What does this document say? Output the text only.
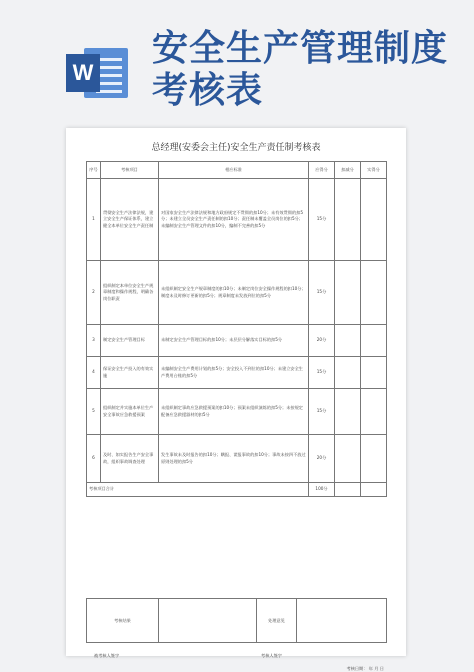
W
安全生产管理制度考核表
总经理(安委会主任)安全生产责任制考核表
序号	考核项目	相应标准	应得分	扣减分	实得分
1	贯彻安全生产法律法规，建立安全生产保证体系，建立健全本单位安全生产责任制	对国家安全生产法律法规和地方政府规定不贯彻的扣10分；未有效贯彻的扣5分；未建立全员安全生产责任制的扣10分；责任制未覆盖全员岗位的扣5分；未编制安全生产管理文件的扣10分，编制不完善的扣5分	15分		
2	组织制定本单位安全生产规章制度和操作规程，明确各岗位职责	未组织制定安全生产规章制度的扣10分；未制定岗位安全操作规程的扣10分；制度未及时修订更新的扣5分；规章制度未发放到位的扣5分	15分		
3	制定安全生产管理目标	未制定安全生产管理目标的扣10分；未层层分解落实目标的扣5分	20分		
4	保证安全生产投入的有效实施	未编制安全生产费用计划的扣5分；安全投入不到位的扣10分；未建立安全生产费用台账的扣5分	15分		
5	组织制定并实施本单位生产安全事故应急救援预案	未组织制定事故应急救援预案的扣10分；预案未组织演练的扣5分；未按规定配备应急救援器材的扣5分	15分		
6	及时、如实报告生产安全事故，组织事故调查处理	发生事故未及时报告的扣10分；瞒报、谎报事故的扣10分；事故未按四不放过原则处理的扣5分	20分		
考核项目合计			100分		
考核结果		处理意见	
被考核人签字	考核人签字
考核日期： 年 月 日
